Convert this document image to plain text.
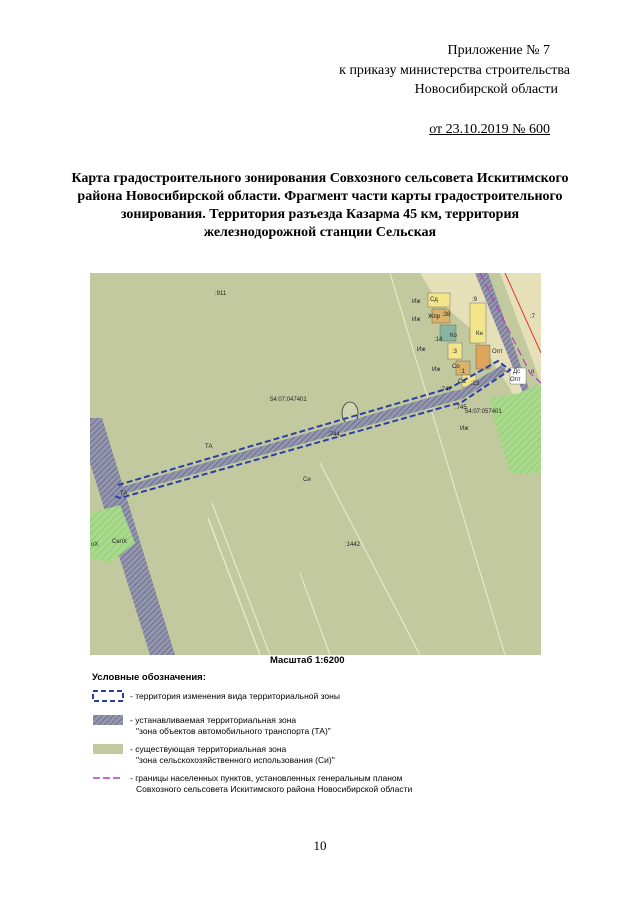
Приложение № 7
к приказу министерства строительства
Новосибирской области
от 23.10.2019 № 600
Карта градостроительного зонирования Совхозного сельсовета Искитимского района Новосибирской области. Фрагмент части карты градостроительного зонирования. Территория разъезда Казарма 45 км, территория железнодорожной станции Сельская
:911
54:07:047401
54:07:057401
ТА
ТА
Си
:1442
:744
:747
:745
Опт
Опт
Иж
Иж
Иж
Иж
Иж
СелХ
оХ
Сд
Жпр :38
:14
Ко
:3
Со
:1
Са :23
Кн
:9
:7
Дс о
Масштаб 1:6200
Условные обозначения:
- территория изменения вида территориальной зоны
- устанавливаемая территориальная зона
"зона объектов автомобильного транспорта (ТА)"
- существующая территориальная зона
"зона сельскохозяйственного использования (Си)"
- границы населенных пунктов, установленных генеральным планом
Совхозного сельсовета Искитимского района Новосибирской области
10
